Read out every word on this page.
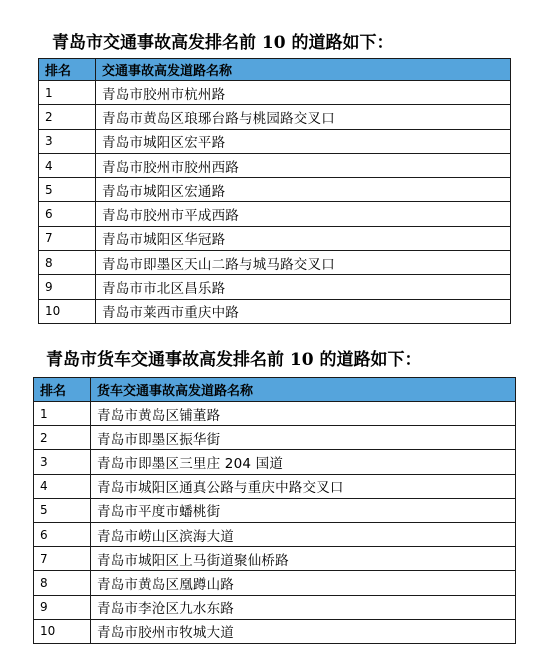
青岛市交通事故高发排名前 10 的道路如下：
排名	交通事故高发道路名称
1	青岛市胶州市杭州路
2	青岛市黄岛区琅琊台路与桃园路交叉口
3	青岛市城阳区宏平路
4	青岛市胶州市胶州西路
5	青岛市城阳区宏通路
6	青岛市胶州市平成西路
7	青岛市城阳区华冠路
8	青岛市即墨区天山二路与城马路交叉口
9	青岛市市北区昌乐路
10	青岛市莱西市重庆中路
青岛市货车交通事故高发排名前 10 的道路如下：
排名	货车交通事故高发道路名称
1	青岛市黄岛区铺董路
2	青岛市即墨区振华街
3	青岛市即墨区三里庄 204 国道
4	青岛市城阳区通真公路与重庆中路交叉口
5	青岛市平度市蟠桃街
6	青岛市崂山区滨海大道
7	青岛市城阳区上马街道聚仙桥路
8	青岛市黄岛区凰蹲山路
9	青岛市李沧区九水东路
10	青岛市胶州市牧城大道
